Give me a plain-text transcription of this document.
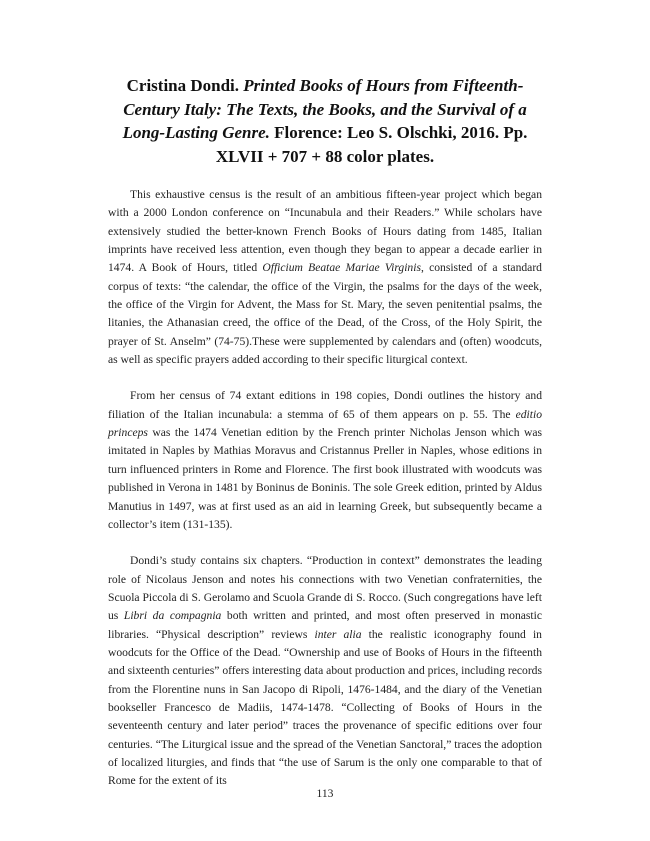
Cristina Dondi. Printed Books of Hours from Fifteenth-Century Italy: The Texts, the Books, and the Survival of a Long-Lasting Genre. Florence: Leo S. Olschki, 2016. Pp. XLVII + 707 + 88 color plates.

This exhaustive census is the result of an ambitious fifteen-year project which began with a 2000 London conference on “Incunabula and their Readers.” While scholars have extensively studied the better-known French Books of Hours dating from 1485, Italian imprints have received less attention, even though they began to appear a decade earlier in 1474. A Book of Hours, titled Officium Beatae Mariae Virginis, consisted of a standard corpus of texts: “the calendar, the office of the Virgin, the psalms for the days of the week, the office of the Virgin for Advent, the Mass for St. Mary, the seven penitential psalms, the litanies, the Athanasian creed, the office of the Dead, of the Cross, of the Holy Spirit, the prayer of St. Anselm” (74-75).These were supplemented by calendars and (often) woodcuts, as well as specific prayers added according to their specific liturgical context.

From her census of 74 extant editions in 198 copies, Dondi outlines the history and filiation of the Italian incunabula: a stemma of 65 of them appears on p. 55. The editio princeps was the 1474 Venetian edition by the French printer Nicholas Jenson which was imitated in Naples by Mathias Moravus and Cristannus Preller in Naples, whose editions in turn influenced printers in Rome and Florence. The first book illustrated with woodcuts was published in Verona in 1481 by Boninus de Boninis. The sole Greek edition, printed by Aldus Manutius in 1497, was at first used as an aid in learning Greek, but subsequently became a collector’s item (131-135).

Dondi’s study contains six chapters. “Production in context” demonstrates the leading role of Nicolaus Jenson and notes his connections with two Venetian confraternities, the Scuola Piccola di S. Gerolamo and Scuola Grande di S. Rocco. (Such congregations have left us Libri da compagnia both written and printed, and most often preserved in monastic libraries. “Physical description” reviews inter alia the realistic iconography found in woodcuts for the Office of the Dead. “Ownership and use of Books of Hours in the fifteenth and sixteenth centuries” offers interesting data about production and prices, including records from the Florentine nuns in San Jacopo di Ripoli, 1476-1484, and the diary of the Venetian bookseller Francesco de Madiis, 1474-1478. “Collecting of Books of Hours in the seventeenth century and later period” traces the provenance of specific editions over four centuries. “The Liturgical issue and the spread of the Venetian Sanctoral,” traces the adoption of localized liturgies, and finds that “the use of Sarum is the only one comparable to that of Rome for the extent of its

113
